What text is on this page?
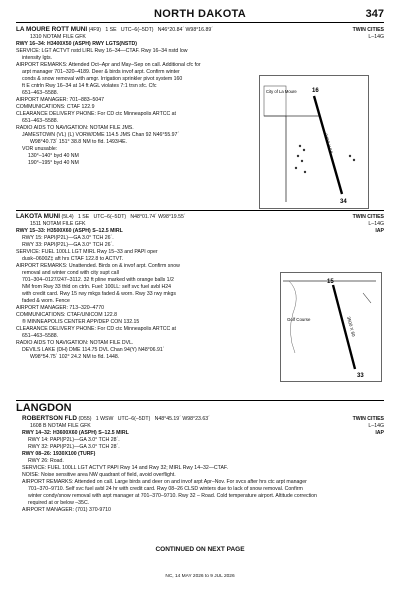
NORTH DAKOTA	347
LA MOURE ROTT MUNI (4F9) 1 SE UTC–6(–5DT) N46°20.84´ W98°16.89´	TWIN CITIES
L–14G
1310 NOTAM FILE GFK
RWY 16–34: H3400X50 (ASPH) RWY LGTS(NSTD)
SERVICE: LGT ACTVT nstd LIRL Rwy 16–34—CTAF. Rwy 16–34 nstd low
intensity lgts.
AIRPORT REMARKS: Attended Oct–Apr and May–Sep on call. Additional cfc for
arpt manager 701–320–4189. Deer & birds invof arpt. Confirm winter
conds & snow removal with amgr. Irrigation sprinkler pivot system 160
ft E cntrln Rwy 16–34 at 14 ft AGL violates 7:1 trsn sfc. Cfc
651–463–5588.
AIRPORT MANAGER: 701–883–5047
COMMUNICATIONS: CTAF 122.9
CLEARANCE DELIVERY PHONE: For CD ctc Minneapolis ARTCC at
651–463–5588.
RADIO AIDS TO NAVIGATION: NOTAM FILE JMS.
JAMESTOWN (VL) (L) VORW/DME 114.5 JMS Chan 92 N46°55.97´
W98°40.73´ 151° 38.8 NM to fld. 1493/4E.
VOR unusable:
130°–140° byd 40 NM
190°–195° byd 40 NM
City of La Moure	16
34
3400 X 50
LAKOTA MUNI (5L4) 1 SE UTC–6(–5DT) N48°01.74´ W98°19.55´	TWIN CITIES
L–14G
IAP
1511 NOTAM FILE GFK
RWY 15–33: H3500X60 (ASPH) S–12.5 MIRL
RWY 15: PAPI(P2L)—GA 3.0° TCH 26´.
RWY 33: PAPI(P2L)—GA 3.0° TCH 26´.
SERVICE: FUEL 100LL LGT MIRL Rwy 15–33 and PAPI oper
dusk–0600Z‡ aft hrs CTAF 122.8 to ACTVT.
AIRPORT REMARKS: Unattended. Birds on & invof arpt. Confirm snow
removal and winter cond with city supt call
701–304–0127/247–3112. 32 ft pline marked with orange balls 1/2
NM from Rwy 33 thld on ctrln. Fuel: 100LL: self svc fuel avbl H24
with credit card. Rwy 15 rwy mkgs faded & worn. Rwy 33 rwy mkgs
faded & worn. Fence
AIRPORT MANAGER: 713–320–4770
COMMUNICATIONS: CTAF/UNICOM 122.8
® MINNEAPOLIS CENTER APP/DEP CON 132.15
CLEARANCE DELIVERY PHONE: For CD ctc Minneapolis ARTCC at
651–463–5588.
RADIO AIDS TO NAVIGATION: NOTAM FILE DVL.
DEVILS LAKE (DH) DME 114.75 DVL Chan 94(Y) N48°06.91´
W98°54.75´ 102° 24.2 NM to fld. 1448.
Golf Course
15
33
3500 X 60
LANGDON
ROBERTSON FLD (D55) 1 WSW UTC–6(–5DT) N48°45.19´ W98°23.63´	TWIN CITIES
L–14G
IAP
1608 B NOTAM FILE GFK
RWY 14–32: H3600X60 (ASPH) S–12.5 MIRL
RWY 14: PAPI(P2L)—GA 3.0° TCH 28´.
RWY 32: PAPI(P2L)—GA 3.0° TCH 28´.
RWY 08–26: 1930X100 (TURF)
RWY 26: Road.
SERVICE: FUEL 100LL LGT ACTVT PAPI Rwy 14 and Rwy 32; MIRL Rwy 14–32—CTAF.
NOISE: Noise sensitive area NW quadrant of field, avoid overflight.
AIRPORT REMARKS: Attended on call. Large birds and deer on and invof arpt Apr–Nov. For svcs after hrs ctc arpt manager
701–370–9710. Self svc fuel avbl 24 hr with credit card. Rwy 08–26 CLSD winters due to lack of snow removal. Confirm
winter condy/snow removal with arpt manager at 701–370–9710. Rwy 32 – Road. Cold temperature airport. Altitude correction
required at or below –35C.
AIRPORT MANAGER: (701) 370-9710
CONTINUED ON NEXT PAGE
NC, 14 MAY 2026 to 9 JUL 2026
